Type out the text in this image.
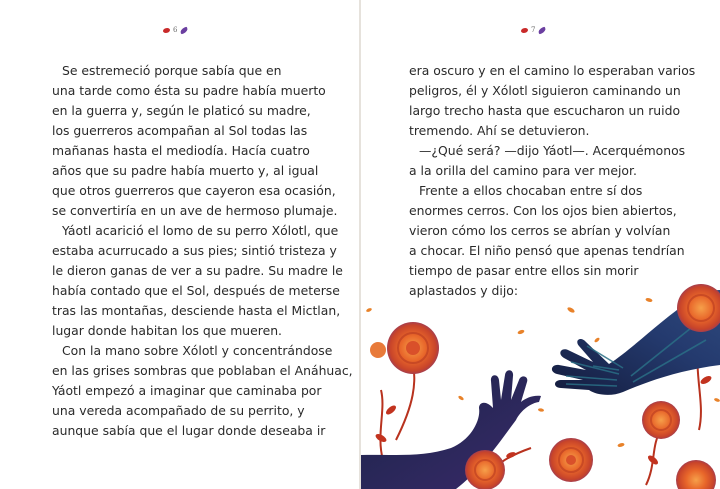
6
Se estremeció porque sabía que en
una tarde como ésta su padre había muerto
en la guerra y, según le platicó su madre,
los guerreros acompañan al Sol todas las
mañanas hasta el mediodía. Hacía cuatro
años que su padre había muerto y, al igual
que otros guerreros que cayeron esa ocasión,
se convertiría en un ave de hermoso plumaje.
Yáotl acarició el lomo de su perro Xólotl, que
estaba acurrucado a sus pies; sintió tristeza y
le dieron ganas de ver a su padre. Su madre le
había contado que el Sol, después de meterse
tras las montañas, desciende hasta el Mictlan,
lugar donde habitan los que mueren.
Con la mano sobre Xólotl y concentrándose
en las grises sombras que poblaban el Anáhuac,
Yáotl empezó a imaginar que caminaba por
una vereda acompañado de su perrito, y
aunque sabía que el lugar donde deseaba ir
7
era oscuro y en el camino lo esperaban varios
peligros, él y Xólotl siguieron caminando un
largo trecho hasta que escucharon un ruido
tremendo. Ahí se detuvieron.
—¿Qué será? —dijo Yáotl—. Acerquémonos
a la orilla del camino para ver mejor.
Frente a ellos chocaban entre sí dos
enormes cerros. Con los ojos bien abiertos,
vieron cómo los cerros se abrían y volvían
a chocar. El niño pensó que apenas tendrían
tiempo de pasar entre ellos sin morir
aplastados y dijo:
